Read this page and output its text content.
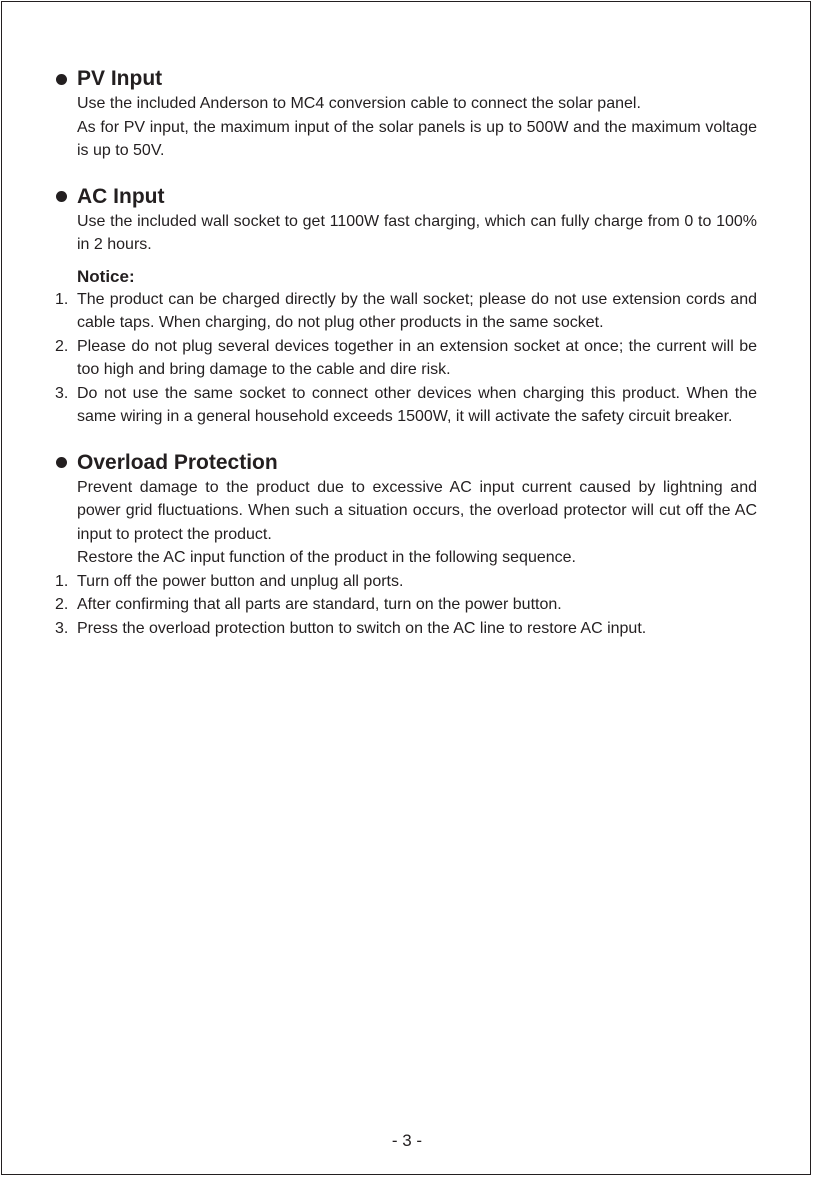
PV Input

Use the included Anderson to MC4 conversion cable to connect the solar panel.

As for PV input, the maximum input of the solar panels is up to 500W and the maximum voltage is up to 50V.

AC Input

Use the included wall socket to get 1100W fast charging, which can fully charge from 0 to 100% in 2 hours.

Notice:

1. The product can be charged directly by the wall socket; please do not use extension cords and cable taps. When charging, do not plug other products in the same socket.
2. Please do not plug several devices together in an extension socket at once; the current will be too high and bring damage to the cable and dire risk.
3. Do not use the same socket to connect other devices when charging this product. When the same wiring in a general household exceeds 1500W, it will activate the safety circuit breaker.
Overload Protection

Prevent damage to the product due to excessive AC input current caused by lightning and power grid fluctuations. When such a situation occurs, the overload protector will cut off the AC input to protect the product.

Restore the AC input function of the product in the following sequence.

1. Turn off the power button and unplug all ports.
2. After confirming that all parts are standard, turn on the power button.
3. Press the overload protection button to switch on the AC line to restore AC input.
- 3 -
